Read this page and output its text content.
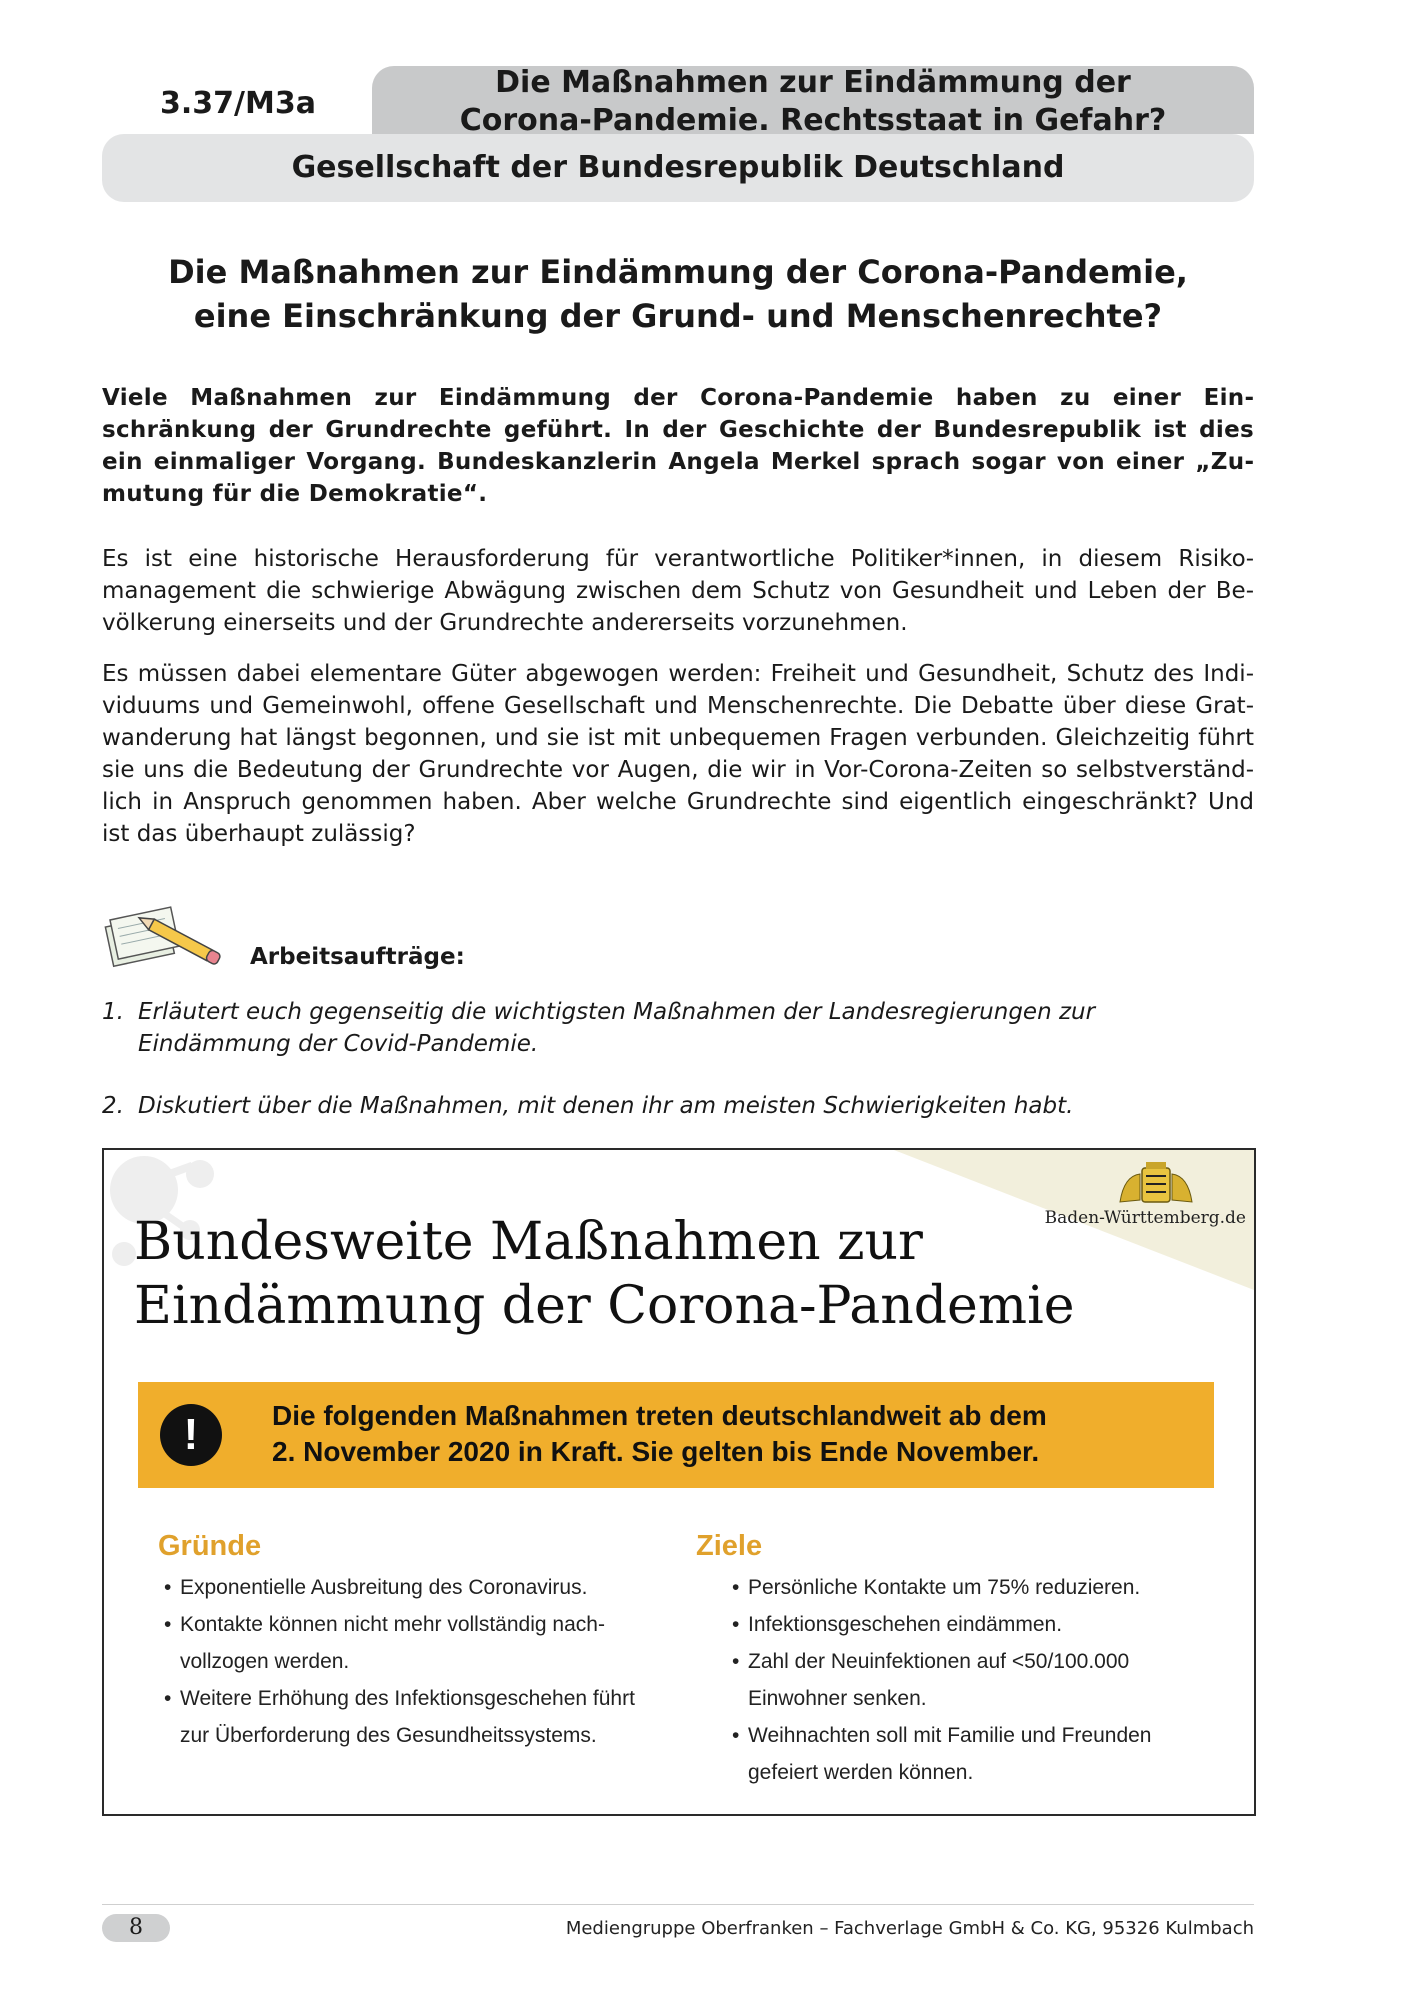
3.37/M3a
Die Maßnahmen zur Eindämmung der
Corona-Pandemie. Rechtsstaat in Gefahr?
Gesellschaft der Bundesrepublik Deutschland
Die Maßnahmen zur Eindämmung der Corona-Pandemie,
eine Einschränkung der Grund- und Menschenrechte?
Viele Maßnahmen zur Eindämmung der Corona-Pandemie haben zu einer Einschränkung der Grundrechte geführt. In der Geschichte der Bundesrepublik ist dies ein einmaliger Vorgang. Bundeskanzlerin Angela Merkel sprach sogar von einer „Zumutung für die Demokratie“.
Es ist eine historische Herausforderung für verantwortliche Politiker*innen, in diesem Risikomanagement die schwierige Abwägung zwischen dem Schutz von Gesundheit und Leben der Bevölkerung einerseits und der Grundrechte andererseits vorzunehmen.
Es müssen dabei elementare Güter abgewogen werden: Freiheit und Gesundheit, Schutz des Individuums und Gemeinwohl, offene Gesellschaft und Menschenrechte. Die Debatte über diese Gratwanderung hat längst begonnen, und sie ist mit unbequemen Fragen verbunden. Gleichzeitig führt sie uns die Bedeutung der Grundrechte vor Augen, die wir in Vor-Corona-Zeiten so selbstverständlich in Anspruch genommen haben. Aber welche Grundrechte sind eigentlich eingeschränkt? Und ist das überhaupt zulässig?
Arbeitsaufträge:
1. Erläutert euch gegenseitig die wichtigsten Maßnahmen der Landesregierungen zur Eindämmung der Covid-Pandemie.
2. Diskutiert über die Maßnahmen, mit denen ihr am meisten Schwierigkeiten habt.
Baden-Württemberg.de
Bundesweite Maßnahmen zur
Eindämmung der Corona-Pandemie
!	Die folgenden Maßnahmen treten deutschlandweit ab dem
2. November 2020 in Kraft. Sie gelten bis Ende November.
Gründe
• Exponentielle Ausbreitung des Coronavirus.
• Kontakte können nicht mehr vollständig nachvollzogen werden.
• Weitere Erhöhung des Infektionsgeschehen führt zur Überforderung des Gesundheitssystems.
Ziele
• Persönliche Kontakte um 75% reduzieren.
• Infektionsgeschehen eindämmen.
• Zahl der Neuinfektionen auf <50/100.000 Einwohner senken.
• Weihnachten soll mit Familie und Freunden gefeiert werden können.
8	Mediengruppe Oberfranken – Fachverlage GmbH & Co. KG, 95326 Kulmbach
